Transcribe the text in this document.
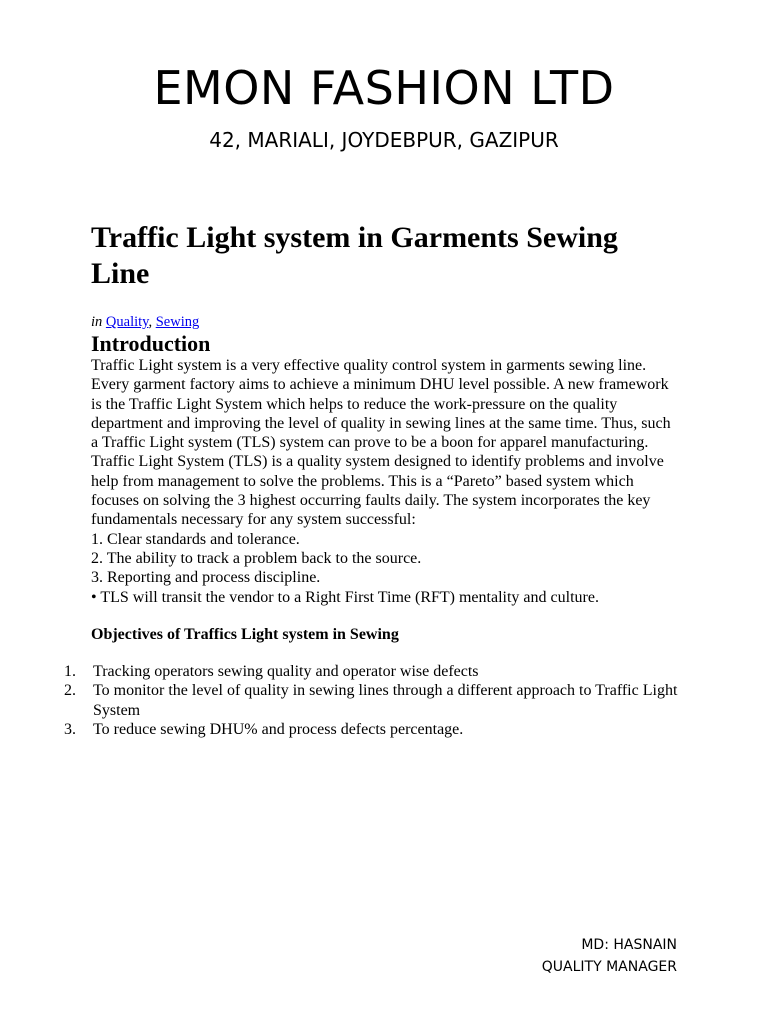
EMON FASHION LTD
42, MARIALI, JOYDEBPUR, GAZIPUR
Traffic Light system in Garments Sewing Line

in Quality, Sewing

Introduction

Traffic Light system is a very effective quality control system in garments sewing line. Every garment factory aims to achieve a minimum DHU level possible. A new framework is the Traffic Light System which helps to reduce the work-pressure on the quality department and improving the level of quality in sewing lines at the same time. Thus, such a Traffic Light system (TLS) system can prove to be a boon for apparel manufacturing. Traffic Light System (TLS) is a quality system designed to identify problems and involve help from management to solve the problems. This is a “Pareto” based system which focuses on solving the 3 highest occurring faults daily. The system incorporates the key fundamentals necessary for any system successful:

1. Clear standards and tolerance.
2. The ability to track a problem back to the source.
3. Reporting and process discipline.
• TLS will transit the vendor to a Right First Time (RFT) mentality and culture.
Objectives of Traffics Light system in Sewing
1.	Tracking operators sewing quality and operator wise defects
2.	To monitor the level of quality in sewing lines through a different approach to Traffic Light System
3.	To reduce sewing DHU% and process defects percentage.
MD: HASNAIN
QUALITY MANAGER
